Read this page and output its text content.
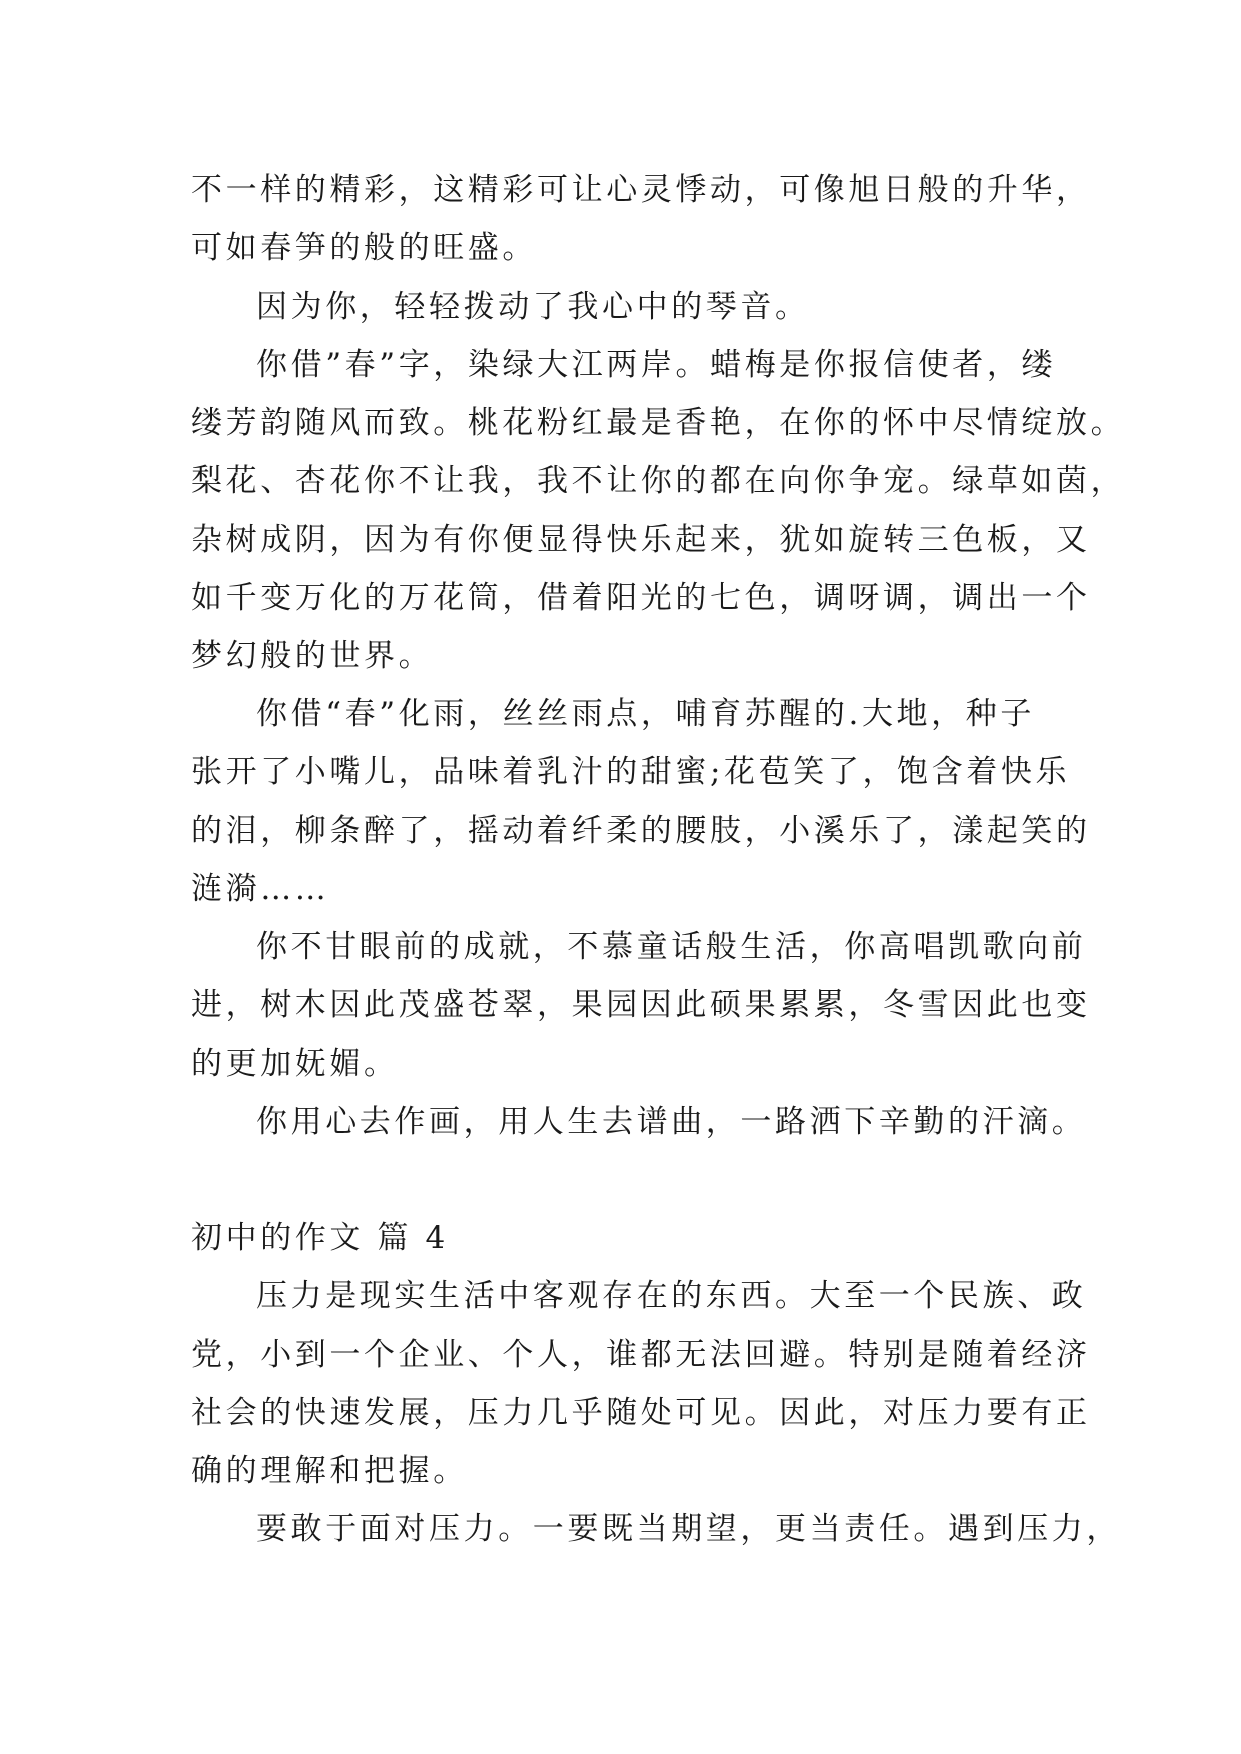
不一样的精彩，这精彩可让心灵悸动，可像旭日般的升华，
可如春笋的般的旺盛。
因为你，轻轻拨动了我心中的琴音。
你借”春”字，染绿大江两岸。蜡梅是你报信使者，缕
缕芳韵随风而致。桃花粉红最是香艳，在你的怀中尽情绽放。
梨花、杏花你不让我，我不让你的都在向你争宠。绿草如茵，
杂树成阴，因为有你便显得快乐起来，犹如旋转三色板，又
如千变万化的万花筒，借着阳光的七色，调呀调，调出一个
梦幻般的世界。
你借“春”化雨，丝丝雨点，哺育苏醒的.大地，种子
张开了小嘴儿，品味着乳汁的甜蜜;花苞笑了，饱含着快乐
的泪，柳条醉了，摇动着纤柔的腰肢，小溪乐了，漾起笑的
涟漪……
你不甘眼前的成就，不慕童话般生活，你高唱凯歌向前
进，树木因此茂盛苍翠，果园因此硕果累累，冬雪因此也变
的更加妩媚。
你用心去作画，用人生去谱曲，一路洒下辛勤的汗滴。
初中的作文 篇 4
压力是现实生活中客观存在的东西。大至一个民族、政
党，小到一个企业、个人，谁都无法回避。特别是随着经济
社会的快速发展，压力几乎随处可见。因此，对压力要有正
确的理解和把握。
要敢于面对压力。一要既当期望，更当责任。遇到压力，
